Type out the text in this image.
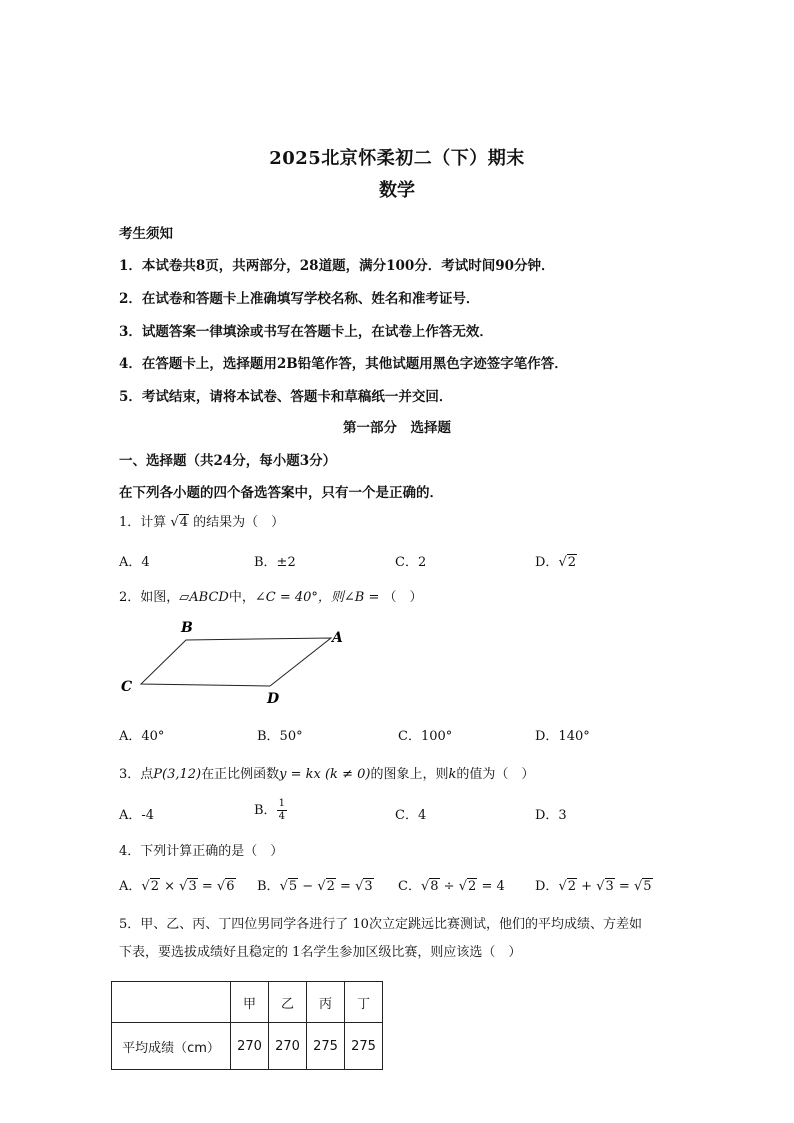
2025北京怀柔初二（下）期末
数学
考生须知
1．本试卷共8页，共两部分，28道题，满分100分．考试时间90分钟．
2．在试卷和答题卡上准确填写学校名称、姓名和准考证号．
3．试题答案一律填涂或书写在答题卡上，在试卷上作答无效．
4．在答题卡上，选择题用2B铅笔作答，其他试题用黑色字迹签字笔作答．
5．考试结束，请将本试卷、答题卡和草稿纸一并交回．
第一部分　选择题
一、选择题（共24分，每小题3分）
在下列各小题的四个备选答案中，只有一个是正确的．
1．计算 √4 的结果为（　）
A．4	B．±2	C．2	D．√2
2．如图，▱ABCD中，∠C = 40°，则∠B = （　）
B
A
C
D
A．40°	B．50°	C．100°	D．140°
3．点P(3,12)在正比例函数y = kx (k ≠ 0)的图象上，则k的值为（　）
A．-4	B． $\frac{1}{4}$	C．4	D．3
4．下列计算正确的是（　）
A．√2 × √3 = √6 B．√5 − √2 = √3 C．√8 ÷ √2 = 4 D．√2 + √3 = √5
5．甲、乙、丙、丁四位男同学各进行了 10次立定跳远比赛测试，他们的平均成绩、方差如
下表，要选拔成绩好且稳定的 1名学生参加区级比赛，则应该选（　）
	甲	乙	丙	丁
平均成绩（cm）	270	270	275	275
